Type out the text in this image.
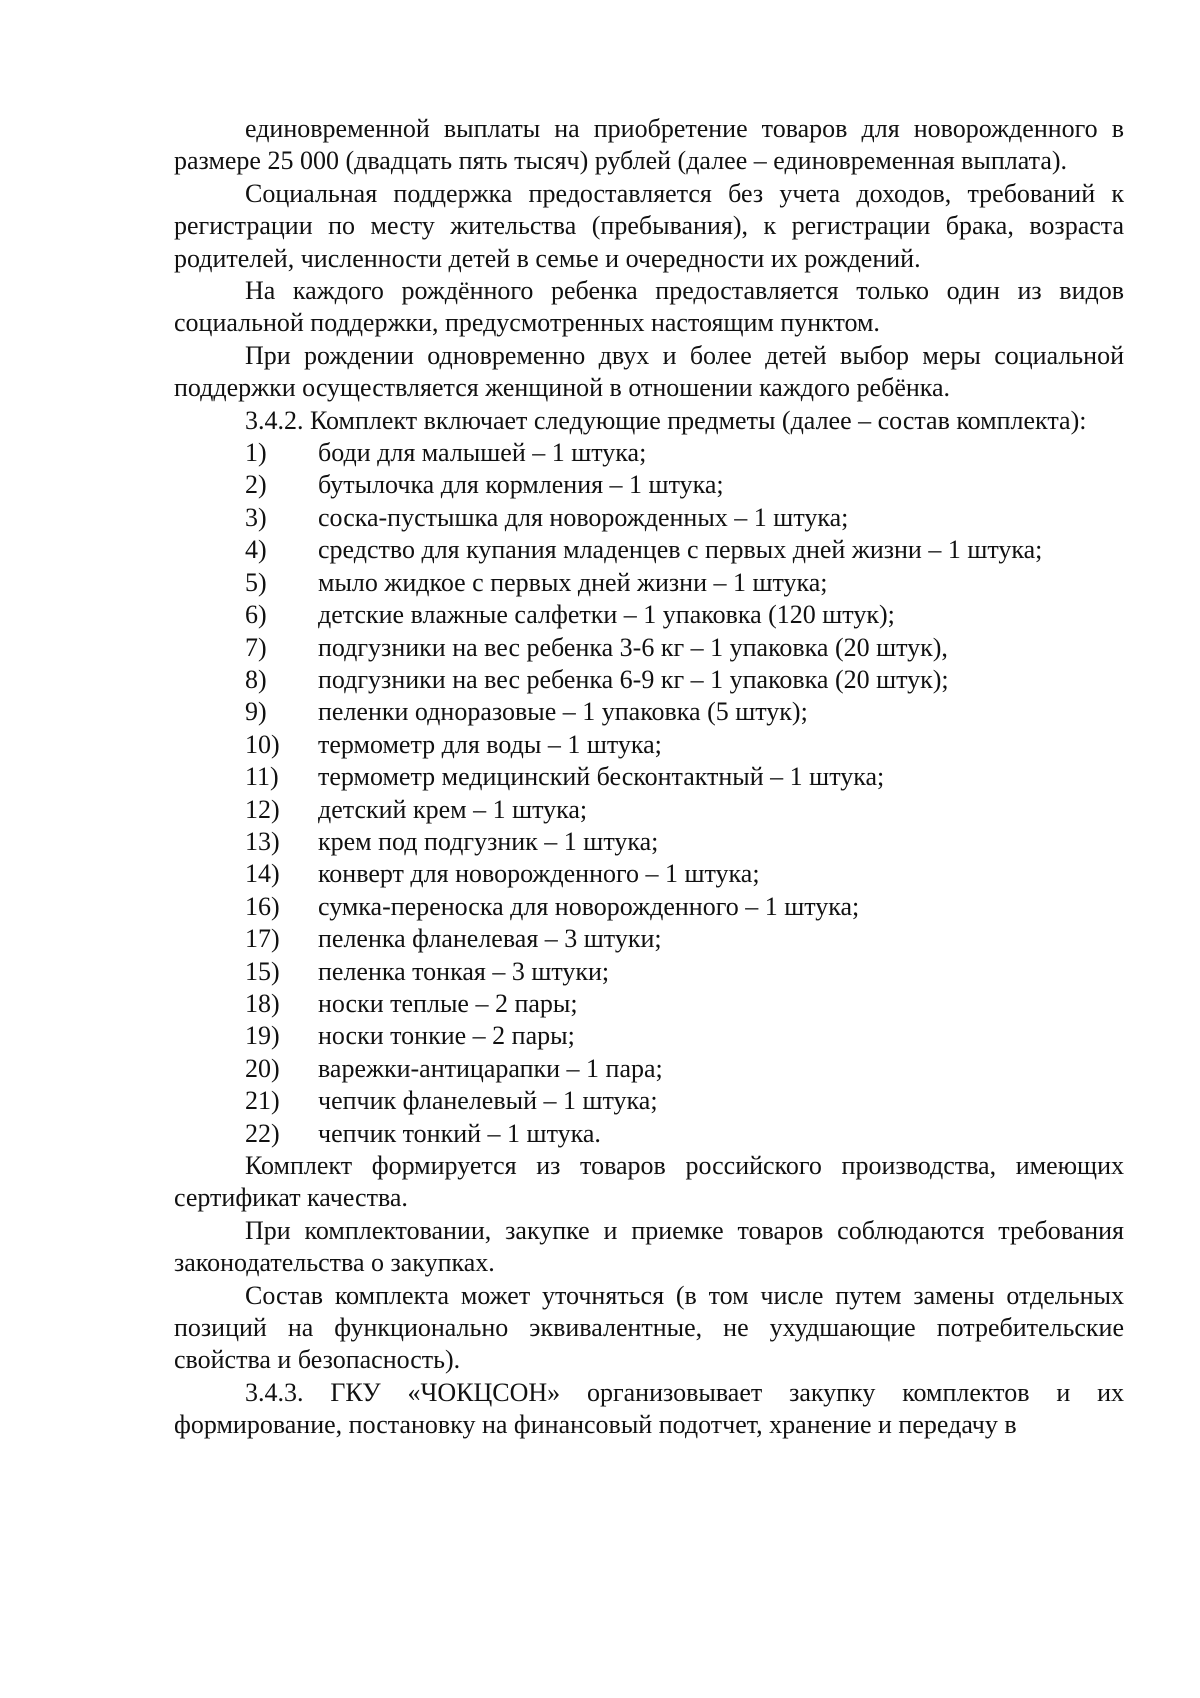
единовременной выплаты на приобретение товаров для новорожденного в размере 25 000 (двадцать пять тысяч) рублей (далее – единовременная выплата).

Социальная поддержка предоставляется без учета доходов, требований к регистрации по месту жительства (пребывания), к регистрации брака, возраста родителей, численности детей в семье и очередности их рождений.

На каждого рождённого ребенка предоставляется только один из видов социальной поддержки, предусмотренных настоящим пунктом.

При рождении одновременно двух и более детей выбор меры социальной поддержки осуществляется женщиной в отношении каждого ребёнка.

3.4.2. Комплект включает следующие предметы (далее – состав комплекта):

1)	боди для малышей – 1 штука;
2)	бутылочка для кормления – 1 штука;
3)	соска-пустышка для новорожденных – 1 штука;
4)	средство для купания младенцев с первых дней жизни – 1 штука;
5)	мыло жидкое с первых дней жизни – 1 штука;
6)	детские влажные салфетки – 1 упаковка (120 штук);
7)	подгузники на вес ребенка 3-6 кг – 1 упаковка (20 штук),
8)	подгузники на вес ребенка 6-9 кг – 1 упаковка (20 штук);
9)	пеленки одноразовые – 1 упаковка (5 штук);
10)	термометр для воды – 1 штука;
11)	термометр медицинский бесконтактный – 1 штука;
12)	детский крем – 1 штука;
13)	крем под подгузник – 1 штука;
14)	конверт для новорожденного – 1 штука;
16)	сумка-переноска для новорожденного – 1 штука;
17)	пеленка фланелевая – 3 штуки;
15)	пеленка тонкая – 3 штуки;
18)	носки теплые – 2 пары;
19)	носки тонкие – 2 пары;
20)	варежки-антицарапки – 1 пара;
21)	чепчик фланелевый – 1 штука;
22)	чепчик тонкий – 1 штука.

Комплект формируется из товаров российского производства, имеющих сертификат качества.

При комплектовании, закупке и приемке товаров соблюдаются требования законодательства о закупках.

Состав комплекта может уточняться (в том числе путем замены отдельных позиций на функционально эквивалентные, не ухудшающие потребительские свойства и безопасность).

3.4.3. ГКУ «ЧОКЦСОН» организовывает закупку комплектов и их формирование, постановку на финансовый подотчет, хранение и передачу в
